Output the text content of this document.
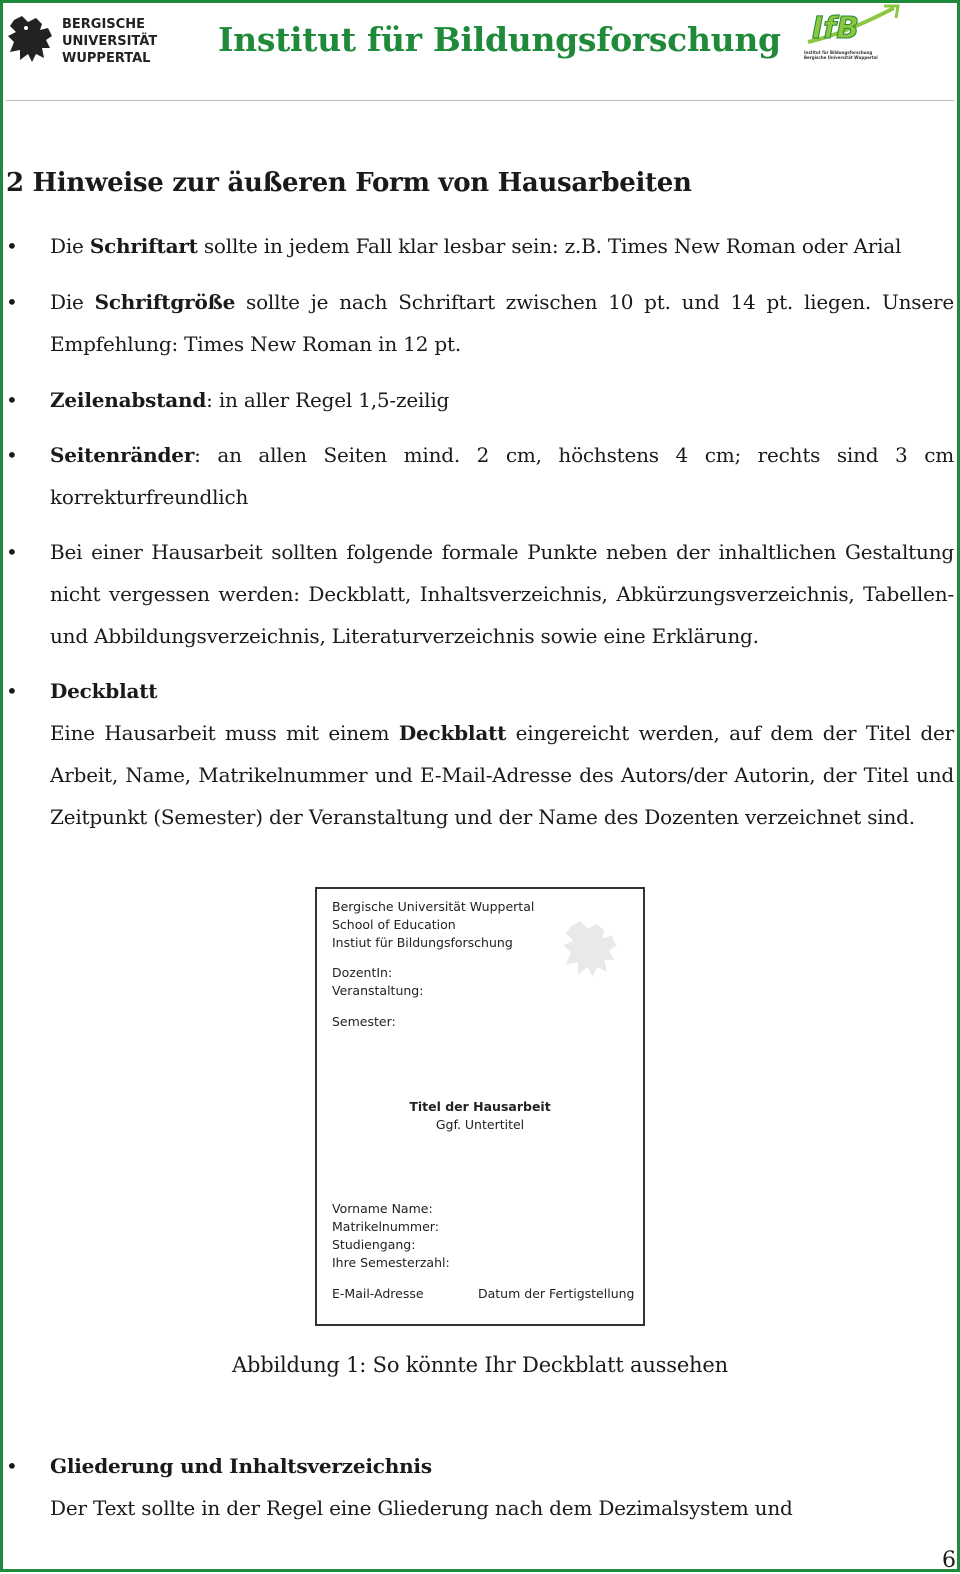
BERGISCHE
UNIVERSITÄT
WUPPERTAL Institut für Bildungsforschung IfB
Institut für Bildungsforschung
Bergische Universität Wuppertal
2 Hinweise zur äußeren Form von Hausarbeiten
• Die Schriftart sollte in jedem Fall klar lesbar sein: z.B. Times New Roman oder Arial
• Die Schriftgröße sollte je nach Schriftart zwischen 10 pt. und 14 pt. liegen. Unsere Empfehlung: Times New Roman in 12 pt.
• Zeilenabstand: in aller Regel 1,5-zeilig
• Seitenränder: an allen Seiten mind. 2 cm, höchstens 4 cm; rechts sind 3 cm korrekturfreundlich
• Bei einer Hausarbeit sollten folgende formale Punkte neben der inhaltlichen Gestaltung nicht vergessen werden: Deckblatt, Inhaltsverzeichnis, Abkürzungsverzeichnis, Tabellen- und Abbildungsverzeichnis, Literaturverzeichnis sowie eine Erklärung.
• Deckblatt
Eine Hausarbeit muss mit einem Deckblatt eingereicht werden, auf dem der Titel der Arbeit, Name, Matrikelnummer und E-Mail-Adresse des Autors/der Autorin, der Titel und Zeitpunkt (Semester) der Veranstaltung und der Name des Dozenten verzeichnet sind.
• Gliederung und Inhaltsverzeichnis
Der Text sollte in der Regel eine Gliederung nach dem Dezimalsystem und
Bergische Universität Wuppertal
School of Education
Instiut für Bildungsforschung
DozentIn:
Veranstaltung:
Semester:
Titel der Hausarbeit
Ggf. Untertitel
Vorname Name:
Matrikelnummer:
Studiengang:
Ihre Semesterzahl:
E-Mail-Adresse	Datum der Fertigstellung
Abbildung 1: So könnte Ihr Deckblatt aussehen
6
